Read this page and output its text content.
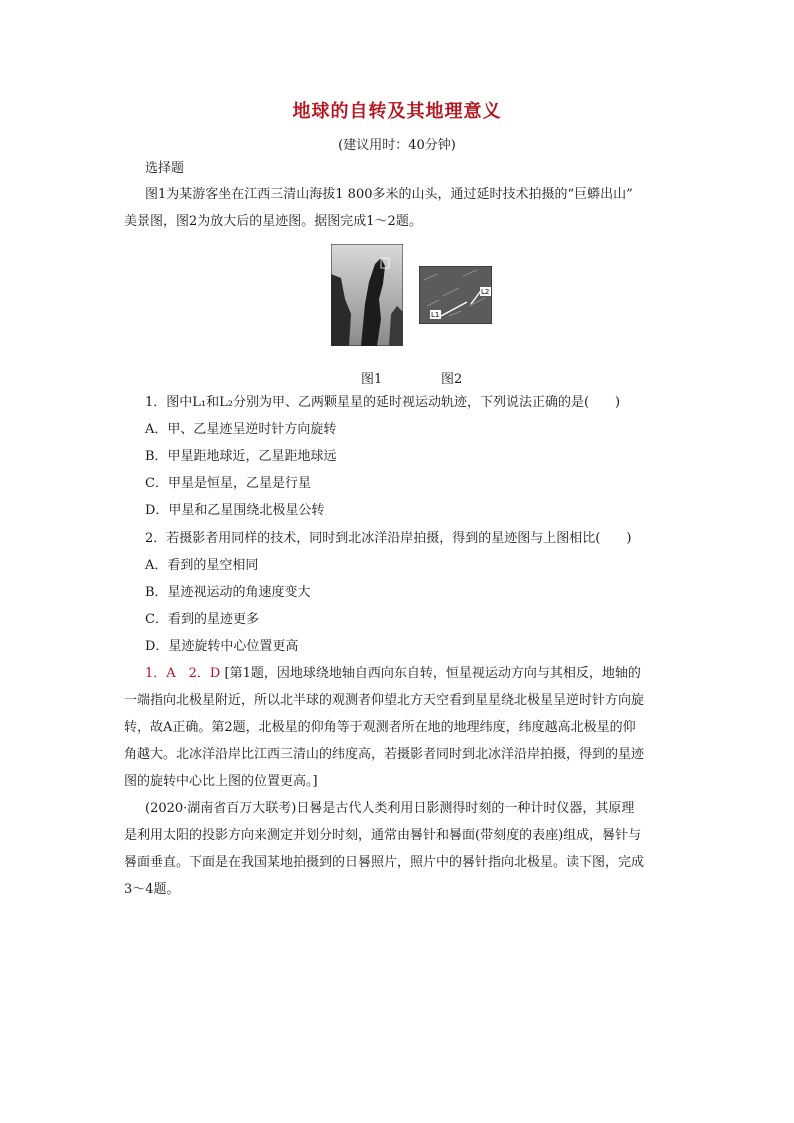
地球的自转及其地理意义
(建议用时：40分钟)
选择题
图1为某游客坐在江西三清山海拔1 800多米的山头，通过延时技术拍摄的“巨蟒出山”
美景图，图2为放大后的星迹图。据图完成1～2题。
L1
L2
图1	图2
1．图中L₁和L₂分别为甲、乙两颗星星的延时视运动轨迹，下列说法正确的是(　　)
A．甲、乙星迹呈逆时针方向旋转
B．甲星距地球近，乙星距地球远
C．甲星是恒星，乙星是行星
D．甲星和乙星围绕北极星公转
2．若摄影者用同样的技术，同时到北冰洋沿岸拍摄，得到的星迹图与上图相比(　　)
A．看到的星空相同
B．星迹视运动的角速度变大
C．看到的星迹更多
D．星迹旋转中心位置更高
1．A　2．D [第1题，因地球绕地轴自西向东自转，恒星视运动方向与其相反，地轴的
一端指向北极星附近，所以北半球的观测者仰望北方天空看到星星绕北极星呈逆时针方向旋
转，故A正确。第2题，北极星的仰角等于观测者所在地的地理纬度，纬度越高北极星的仰
角越大。北冰洋沿岸比江西三清山的纬度高，若摄影者同时到北冰洋沿岸拍摄，得到的星迹
图的旋转中心比上图的位置更高。]
(2020·湖南省百万大联考)日晷是古代人类利用日影测得时刻的一种计时仪器，其原理
是利用太阳的投影方向来测定并划分时刻，通常由晷针和晷面(带刻度的表座)组成，晷针与
晷面垂直。下面是在我国某地拍摄到的日晷照片，照片中的晷针指向北极星。读下图，完成
3～4题。
